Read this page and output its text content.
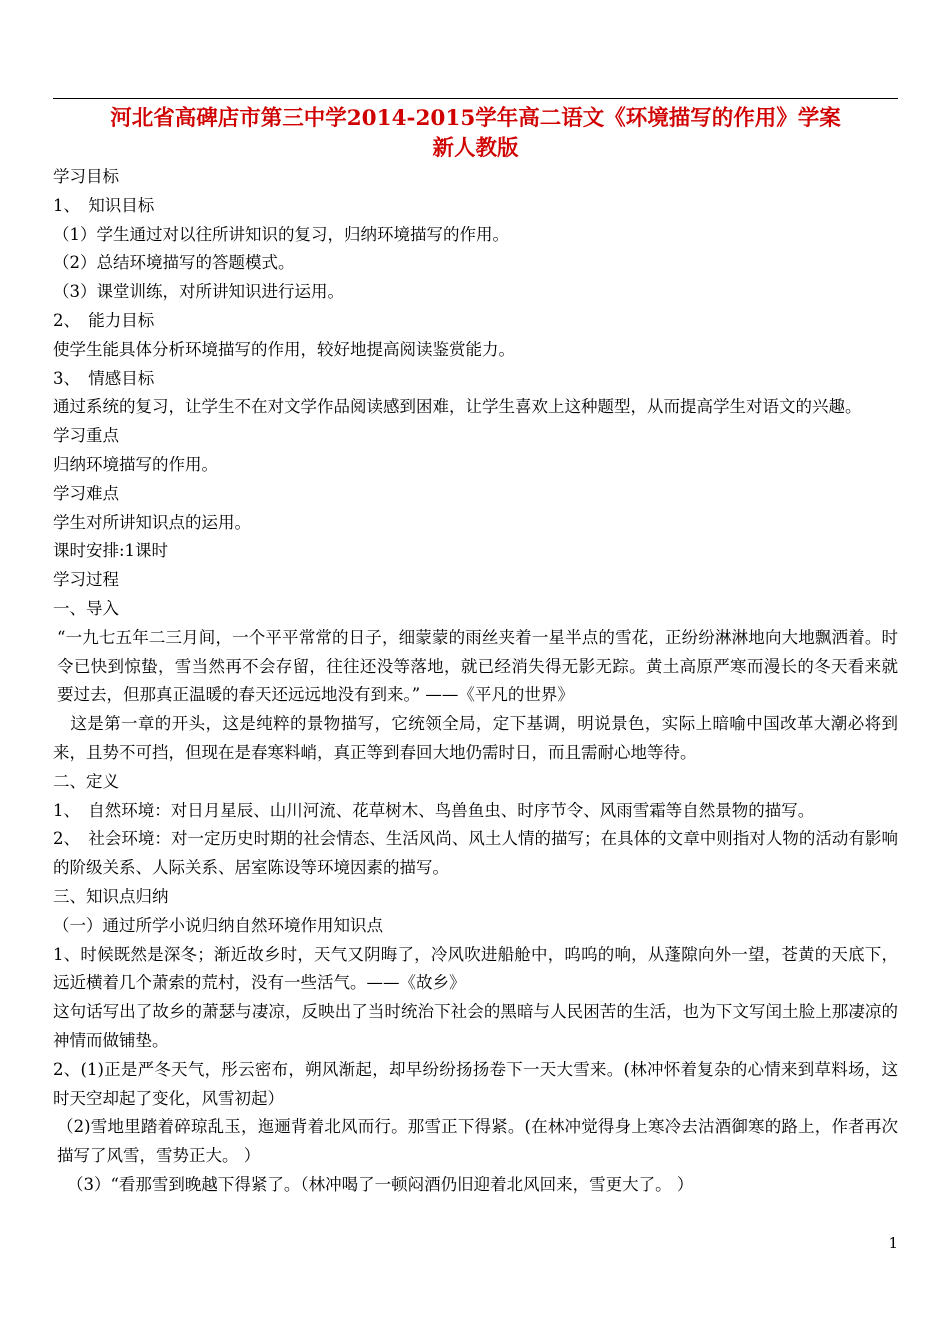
河北省高碑店市第三中学2014-2015学年高二语文《环境描写的作用》学案
新人教版

学习目标

1、　知识目标

（1）学生通过对以往所讲知识的复习，归纳环境描写的作用。

（2）总结环境描写的答题模式。

（3）课堂训练，对所讲知识进行运用。

2、　能力目标

使学生能具体分析环境描写的作用，较好地提高阅读鉴赏能力。

3、　情感目标

通过系统的复习，让学生不在对文学作品阅读感到困难，让学生喜欢上这种题型，从而提高学生对语文的兴趣。

学习重点

归纳环境描写的作用。

学习难点

学生对所讲知识点的运用。

课时安排:1课时

学习过程

一、导入

“一九七五年二三月间，一个平平常常的日子，细蒙蒙的雨丝夹着一星半点的雪花，正纷纷淋淋地向大地飘洒着。时令已快到惊蛰，雪当然再不会存留，往往还没等落地，就已经消失得无影无踪。黄土高原严寒而漫长的冬天看来就要过去，但那真正温暖的春天还远远地没有到来。” ——《平凡的世界》

这是第一章的开头，这是纯粹的景物描写，它统领全局，定下基调，明说景色，实际上暗喻中国改革大潮必将到来，且势不可挡，但现在是春寒料峭，真正等到春回大地仍需时日，而且需耐心地等待。

二、定义

1、　自然环境：对日月星辰、山川河流、花草树木、鸟兽鱼虫、时序节令、风雨雪霜等自然景物的描写。

2、　社会环境：对一定历史时期的社会情态、生活风尚、风土人情的描写；在具体的文章中则指对人物的活动有影响的阶级关系、人际关系、居室陈设等环境因素的描写。

三、知识点归纳

（一）通过所学小说归纳自然环境作用知识点

1、时候既然是深冬；渐近故乡时，天气又阴晦了，冷风吹进船舱中，呜呜的响，从蓬隙向外一望，苍黄的天底下，远近横着几个萧索的荒村，没有一些活气。——《故乡》

这句话写出了故乡的萧瑟与凄凉，反映出了当时统治下社会的黑暗与人民困苦的生活，也为下文写闰土脸上那凄凉的神情而做铺垫。

2、(1)正是严冬天气，彤云密布，朔风渐起，却早纷纷扬扬卷下一天大雪来。(林冲怀着复杂的心情来到草料场，这时天空却起了变化，风雪初起）

（2)雪地里踏着碎琼乱玉，迤逦背着北风而行。那雪正下得紧。(在林冲觉得身上寒冷去沽酒御寒的路上，作者再次描写了风雪，雪势正大。 ）

（3）“看那雪到晚越下得紧了。（林冲喝了一顿闷酒仍旧迎着北风回来，雪更大了。 ）

1
